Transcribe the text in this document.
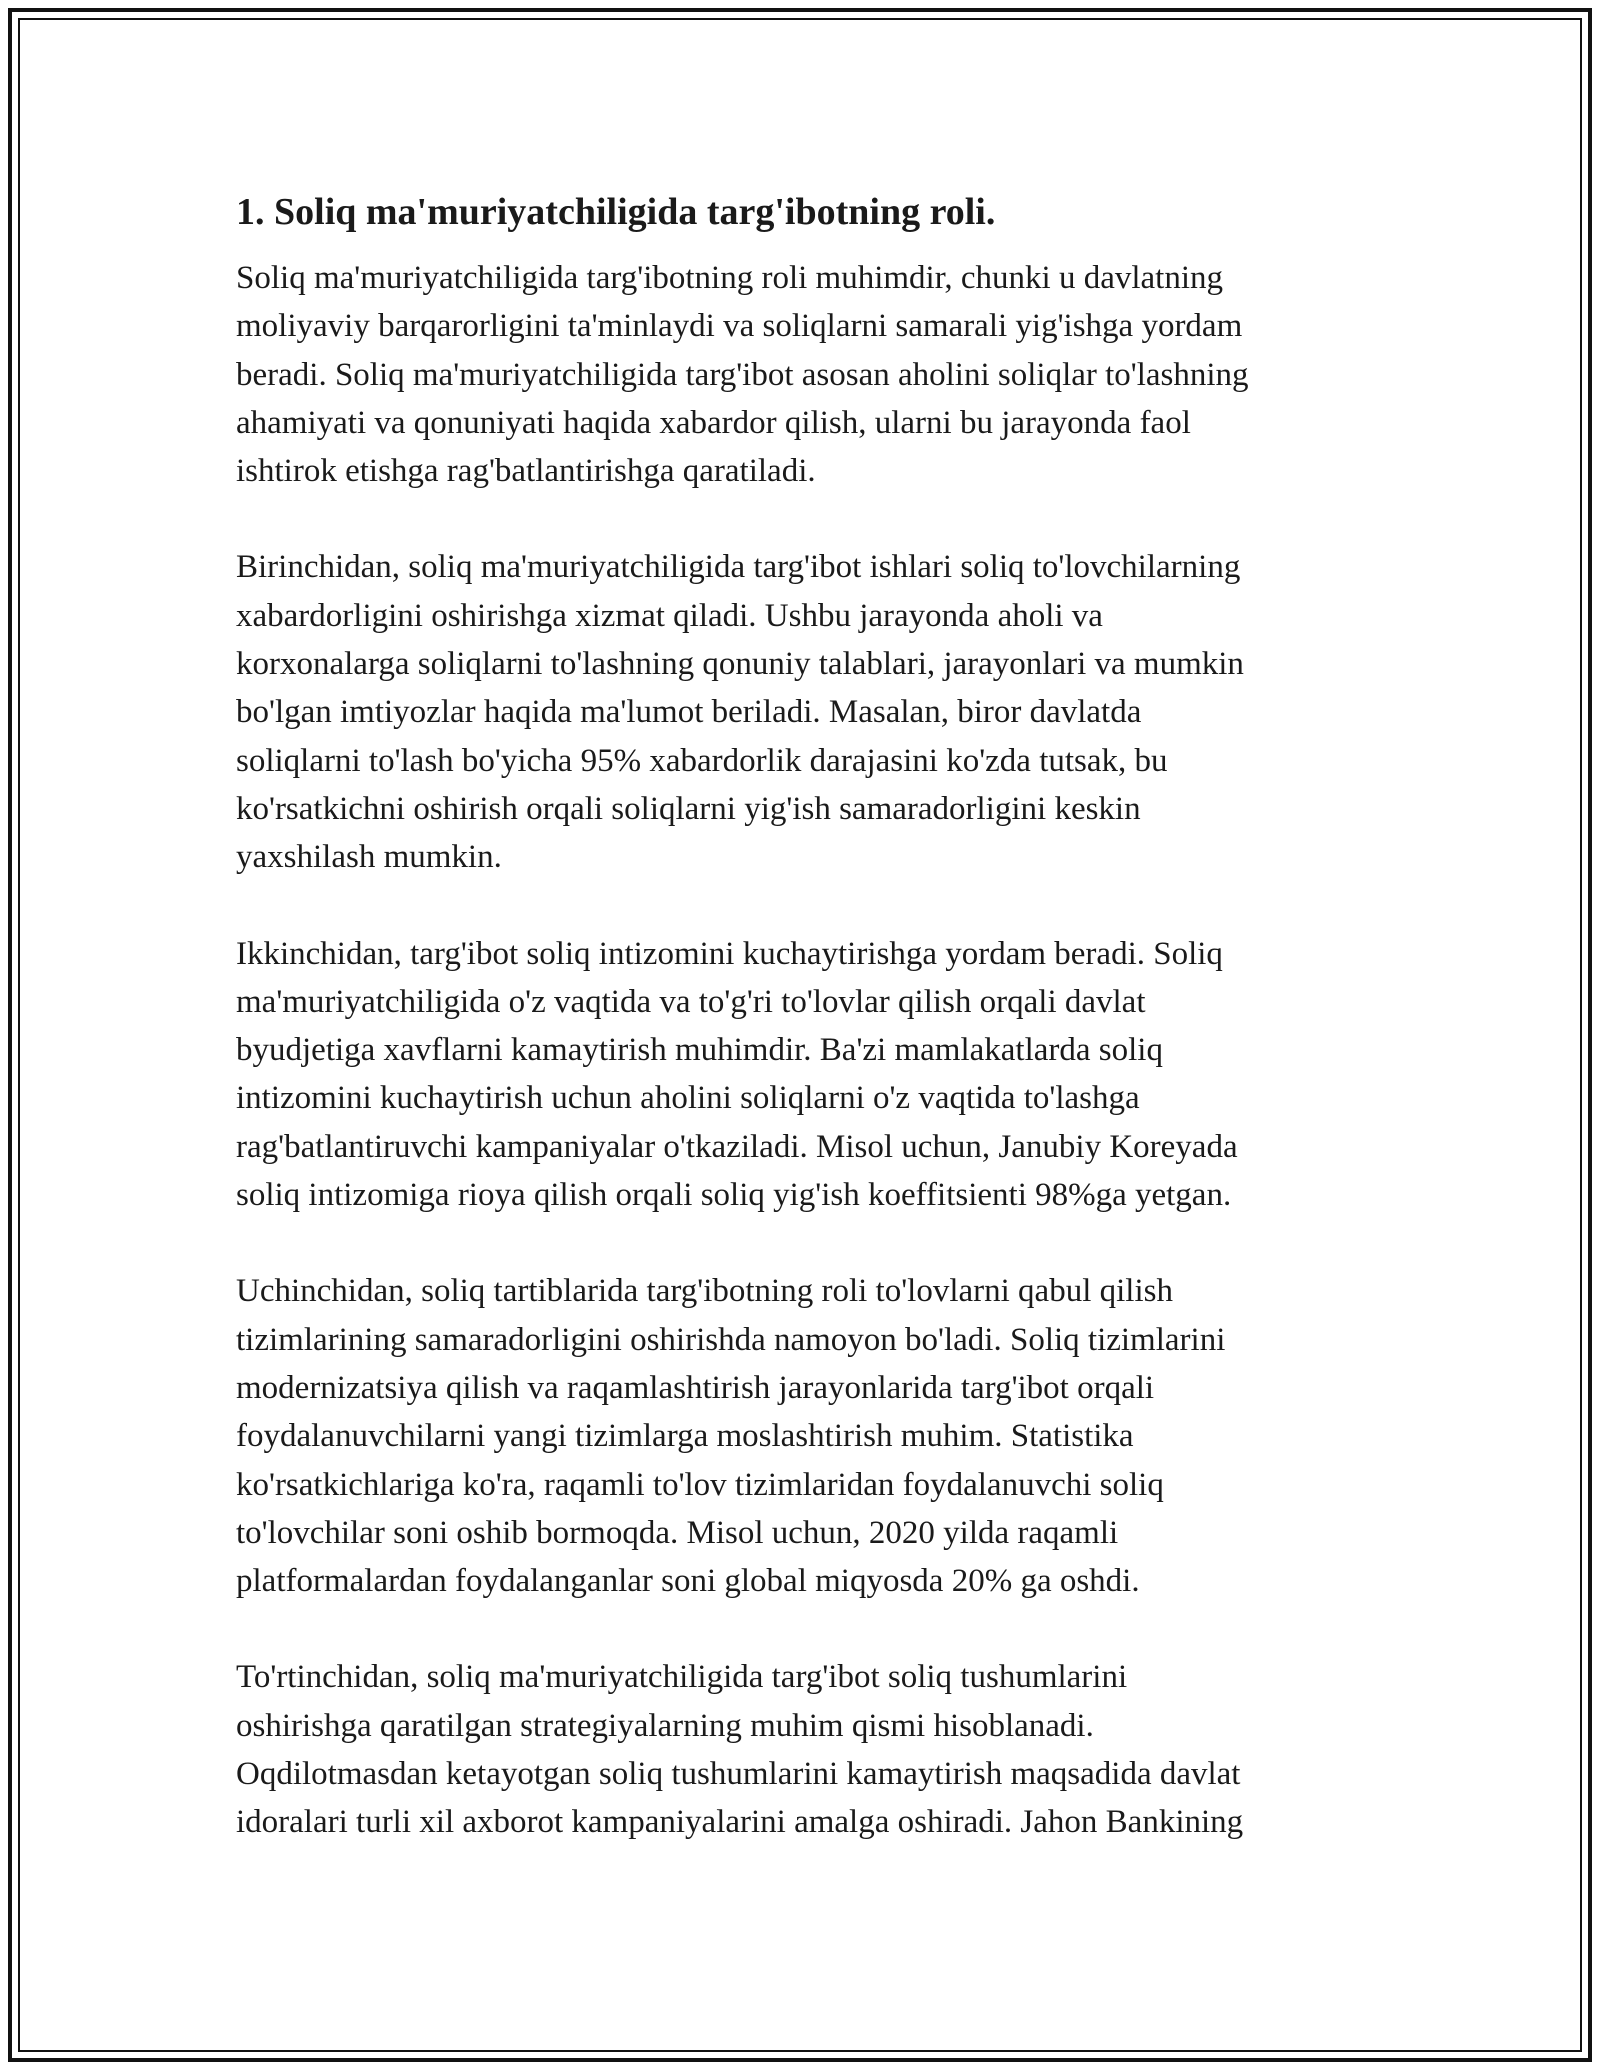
1. Soliq ma'muriyatchiligida targ'ibotning roli.

Soliq ma'muriyatchiligida targ'ibotning roli muhimdir, chunki u davlatning
moliyaviy barqarorligini ta'minlaydi va soliqlarni samarali yig'ishga yordam
beradi. Soliq ma'muriyatchiligida targ'ibot asosan aholini soliqlar to'lashning
ahamiyati va qonuniyati haqida xabardor qilish, ularni bu jarayonda faol
ishtirok etishga rag'batlantirishga qaratiladi.

Birinchidan, soliq ma'muriyatchiligida targ'ibot ishlari soliq to'lovchilarning
xabardorligini oshirishga xizmat qiladi. Ushbu jarayonda aholi va
korxonalarga soliqlarni to'lashning qonuniy talablari, jarayonlari va mumkin
bo'lgan imtiyozlar haqida ma'lumot beriladi. Masalan, biror davlatda
soliqlarni to'lash bo'yicha 95% xabardorlik darajasini ko'zda tutsak, bu
ko'rsatkichni oshirish orqali soliqlarni yig'ish samaradorligini keskin
yaxshilash mumkin.

Ikkinchidan, targ'ibot soliq intizomini kuchaytirishga yordam beradi. Soliq
ma'muriyatchiligida o'z vaqtida va to'g'ri to'lovlar qilish orqali davlat
byudjetiga xavflarni kamaytirish muhimdir. Ba'zi mamlakatlarda soliq
intizomini kuchaytirish uchun aholini soliqlarni o'z vaqtida to'lashga
rag'batlantiruvchi kampaniyalar o'tkaziladi. Misol uchun, Janubiy Koreyada
soliq intizomiga rioya qilish orqali soliq yig'ish koeffitsienti 98%ga yetgan.

Uchinchidan, soliq tartiblarida targ'ibotning roli to'lovlarni qabul qilish
tizimlarining samaradorligini oshirishda namoyon bo'ladi. Soliq tizimlarini
modernizatsiya qilish va raqamlashtirish jarayonlarida targ'ibot orqali
foydalanuvchilarni yangi tizimlarga moslashtirish muhim. Statistika
ko'rsatkichlariga ko'ra, raqamli to'lov tizimlaridan foydalanuvchi soliq
to'lovchilar soni oshib bormoqda. Misol uchun, 2020 yilda raqamli
platformalardan foydalanganlar soni global miqyosda 20% ga oshdi.

To'rtinchidan, soliq ma'muriyatchiligida targ'ibot soliq tushumlarini
oshirishga qaratilgan strategiyalarning muhim qismi hisoblanadi.
Oqdilotmasdan ketayotgan soliq tushumlarini kamaytirish maqsadida davlat
idoralari turli xil axborot kampaniyalarini amalga oshiradi. Jahon Bankining
